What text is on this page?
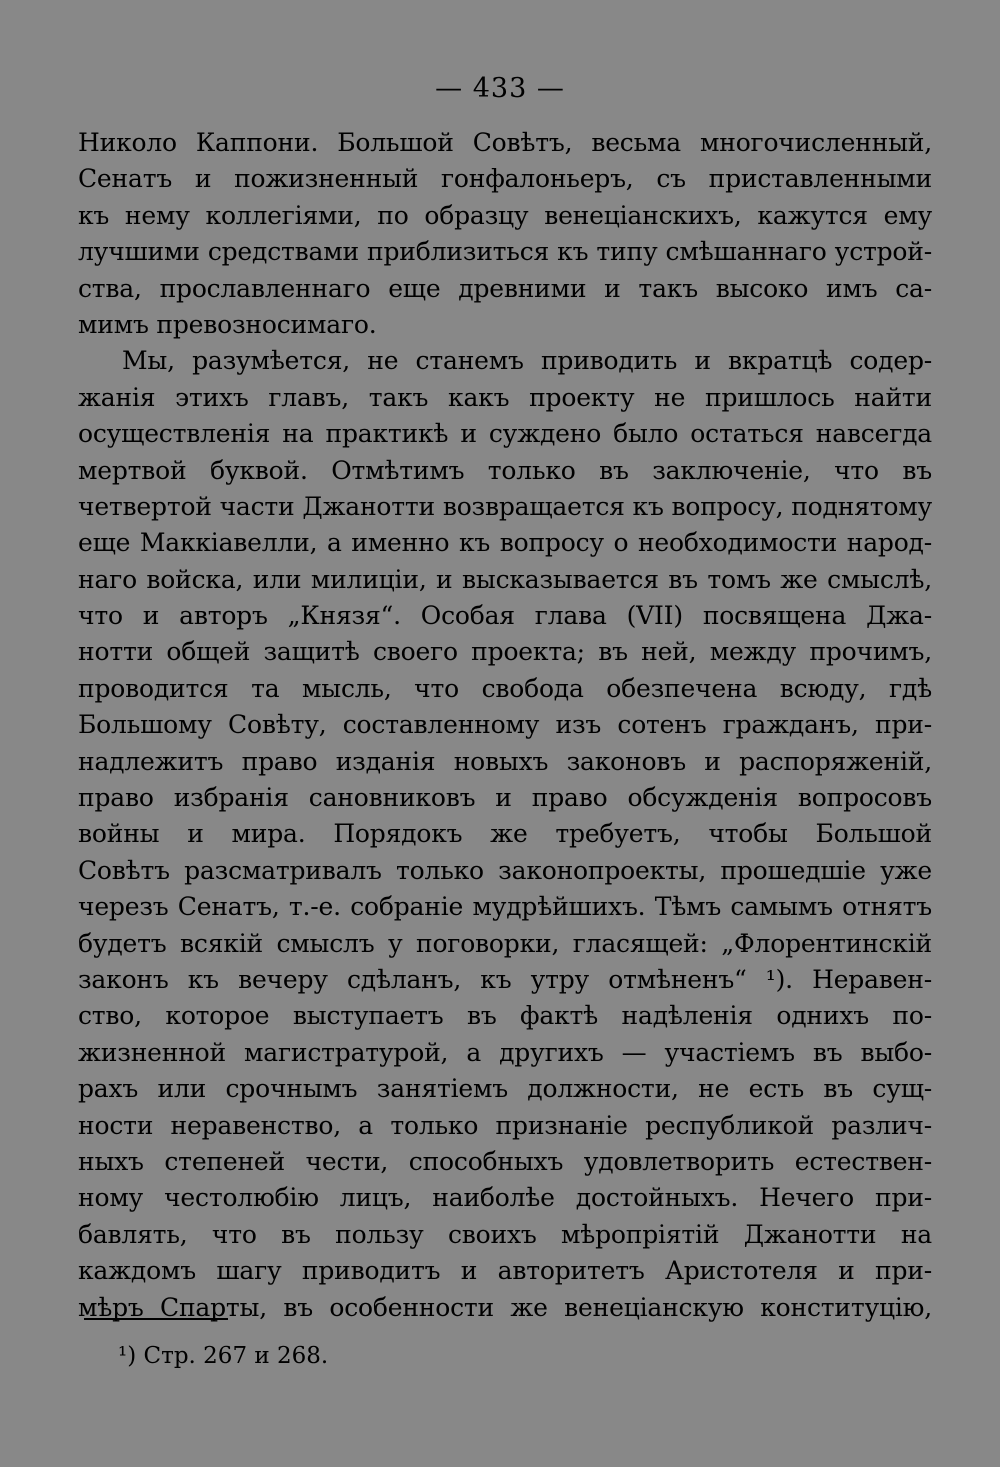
— 433 —
Николо Каппони. Большой Совѣтъ, весьма многочисленный,
Сенатъ и пожизненный гонфалоньеръ, съ приставленными
къ нему коллегіями, по образцу венеціанскихъ, кажутся ему
лучшими средствами приблизиться къ типу смѣшаннаго устрой-
ства, прославленнаго еще древними и такъ высоко имъ са-
мимъ превозносимаго.
Мы, разумѣется, не станемъ приводить и вкратцѣ содер-
жанія этихъ главъ, такъ какъ проекту не пришлось найти
осуществленія на практикѣ и суждено было остаться навсегда
мертвой буквой. Отмѣтимъ только въ заключеніе, что въ
четвертой части Джанотти возвращается къ вопросу, поднятому
еще Маккіавелли, а именно къ вопросу о необходимости народ-
наго войска, или милиціи, и высказывается въ томъ же смыслѣ,
что и авторъ „Князя“. Особая глава (VII) посвящена Джа-
нотти общей защитѣ своего проекта; въ ней, между прочимъ,
проводится та мысль, что свобода обезпечена всюду, гдѣ
Большому Совѣту, составленному изъ сотенъ гражданъ, при-
надлежитъ право изданія новыхъ законовъ и распоряженій,
право избранія сановниковъ и право обсужденія вопросовъ
войны и мира. Порядокъ же требуетъ, чтобы Большой
Совѣтъ разсматривалъ только законопроекты, прошедшіе уже
черезъ Сенатъ, т.-е. собраніе мудрѣйшихъ. Тѣмъ самымъ отнятъ
будетъ всякій смыслъ у поговорки, гласящей: „Флорентинскій
законъ къ вечеру сдѣланъ, къ утру отмѣненъ“ ¹). Неравен-
ство, которое выступаетъ въ фактѣ надѣленія однихъ по-
жизненной магистратурой, а другихъ — участіемъ въ выбо-
рахъ или срочнымъ занятіемъ должности, не есть въ сущ-
ности неравенство, а только признаніе республикой различ-
ныхъ степеней чести, способныхъ удовлетворить естествен-
ному честолюбію лицъ, наиболѣе достойныхъ. Нечего при-
бавлять, что въ пользу своихъ мѣропріятій Джанотти на
каждомъ шагу приводитъ и авторитетъ Аристотеля и при-
мѣръ Спарты, въ особенности же венеціанскую конституцію,
¹) Стр. 267 и 268.
